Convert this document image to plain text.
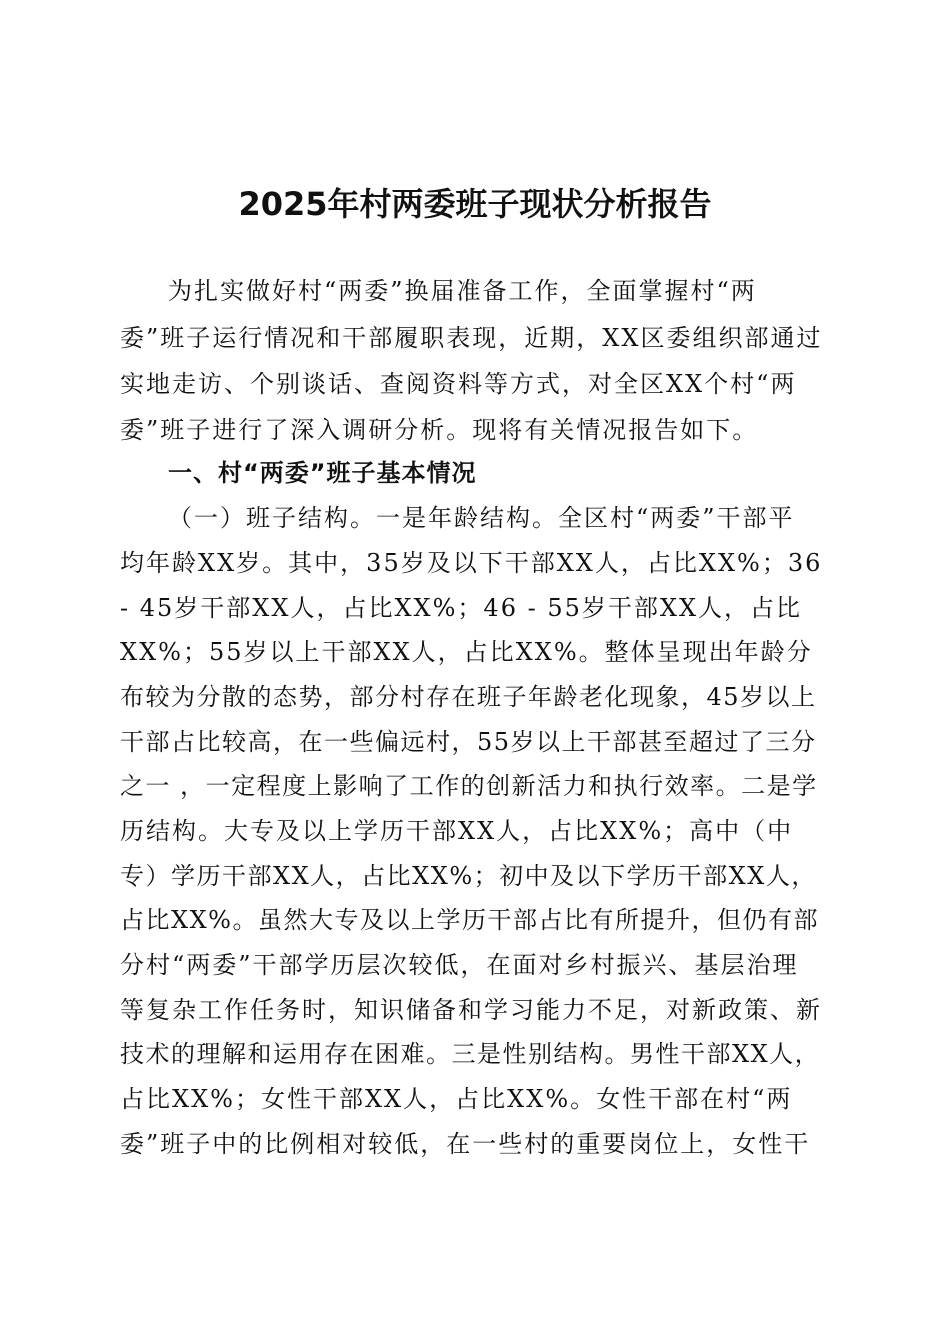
2025年村两委班子现状分析报告
为扎实做好村“两委”换届准备工作，全面掌握村“两
委”班子运行情况和干部履职表现，近期，XX区委组织部通过
实地走访、个别谈话、查阅资料等方式，对全区XX个村“两
委”班子进行了深入调研分析。现将有关情况报告如下。
一、村“两委”班子基本情况
（一）班子结构。一是年龄结构。全区村“两委”干部平
均年龄XX岁。其中，35岁及以下干部XX人，占比XX%；36
- 45岁干部XX人，占比XX%；46 - 55岁干部XX人，占比
XX%；55岁以上干部XX人，占比XX%。整体呈现出年龄分
布较为分散的态势，部分村存在班子年龄老化现象，45岁以上
干部占比较高，在一些偏远村，55岁以上干部甚至超过了三分
之一 ，一定程度上影响了工作的创新活力和执行效率。二是学
历结构。大专及以上学历干部XX人，占比XX%；高中（中
专）学历干部XX人，占比XX%；初中及以下学历干部XX人，
占比XX%。虽然大专及以上学历干部占比有所提升，但仍有部
分村“两委”干部学历层次较低，在面对乡村振兴、基层治理
等复杂工作任务时，知识储备和学习能力不足，对新政策、新
技术的理解和运用存在困难。三是性别结构。男性干部XX人，
占比XX%；女性干部XX人，占比XX%。女性干部在村“两
委”班子中的比例相对较低，在一些村的重要岗位上，女性干
